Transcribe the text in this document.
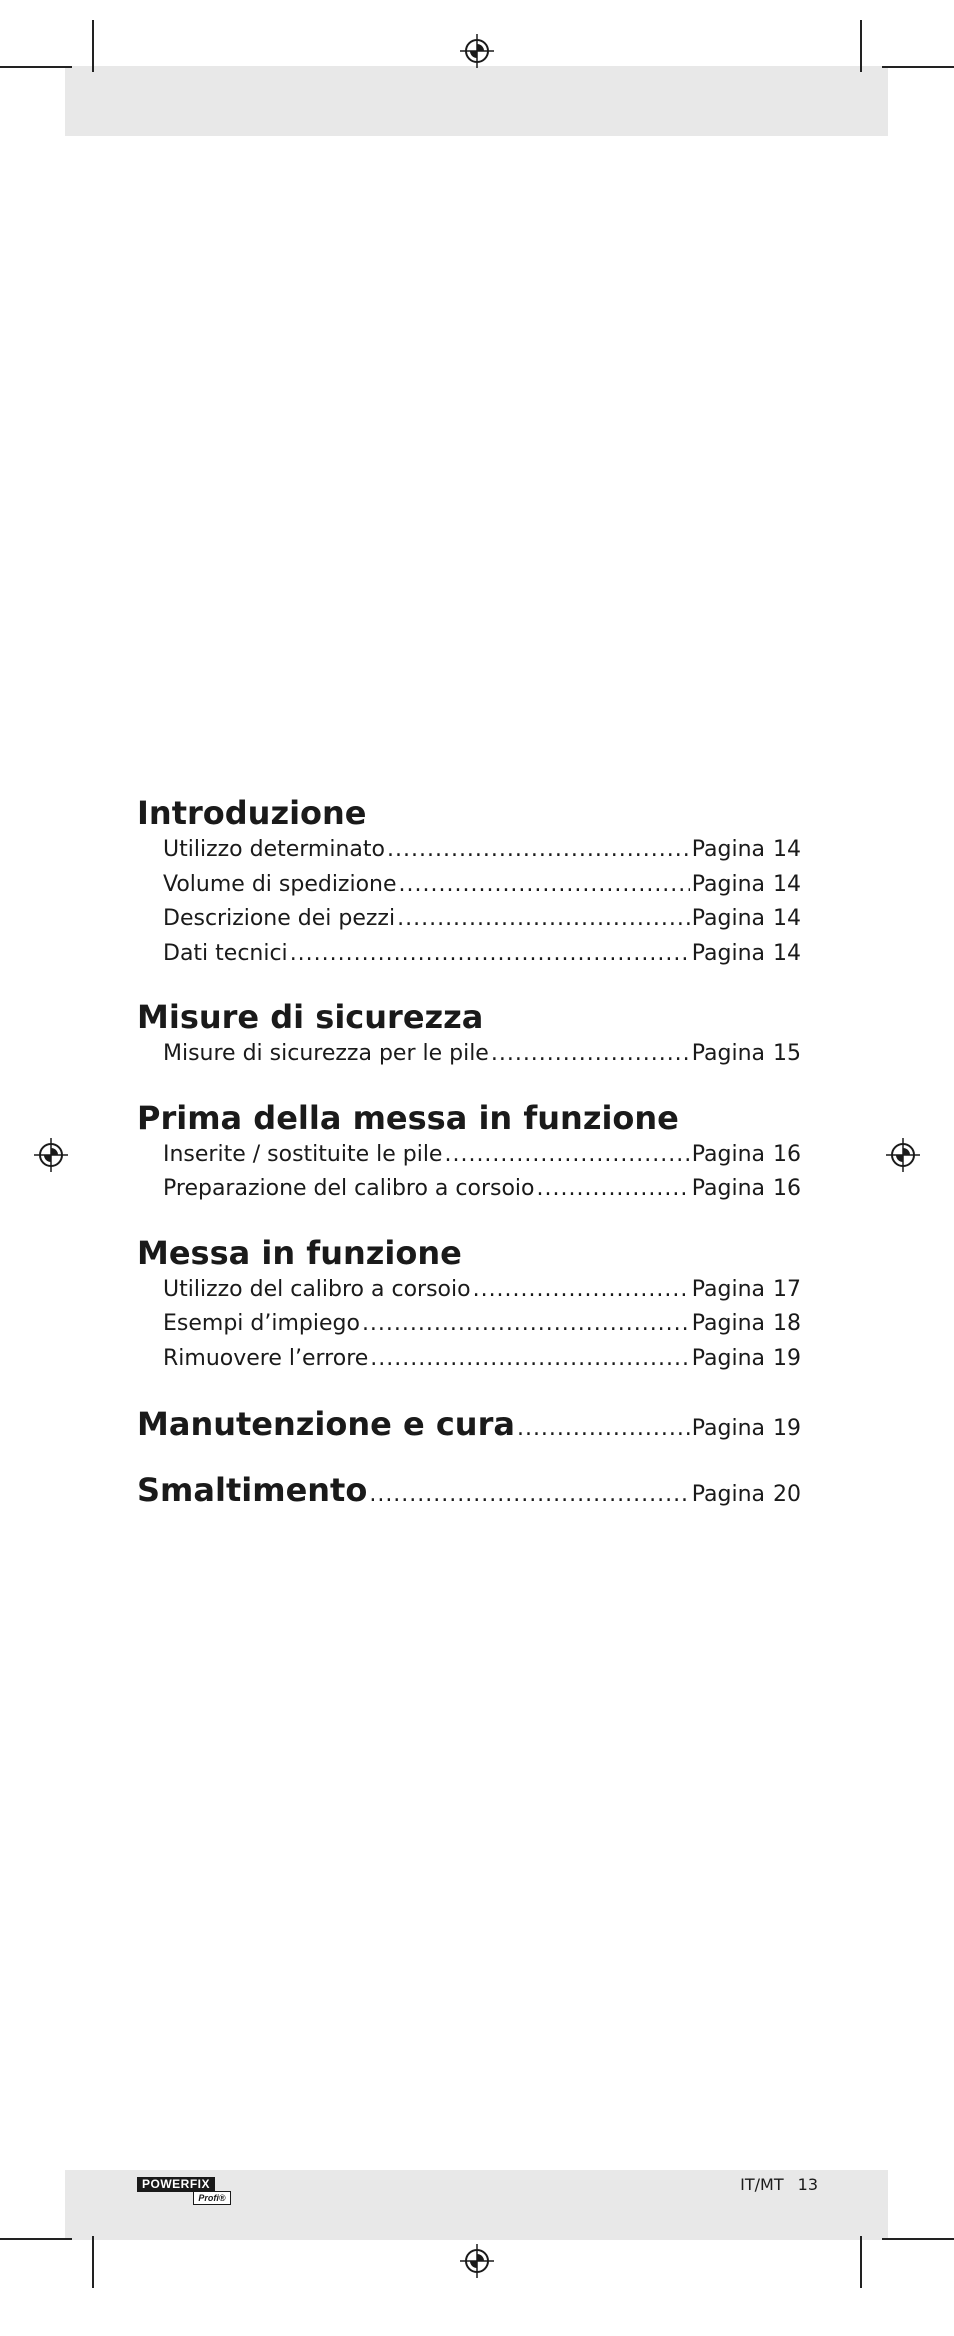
Introduzione
Utilizzo determinato .....	Pagina 14
Volume di spedizione .....	Pagina 14
Descrizione dei pezzi .....	Pagina 14
Dati tecnici .....	Pagina 14
Misure di sicurezza
Misure di sicurezza per le pile .....	Pagina 15
Prima della messa in funzione
Inserite / sostituite le pile .....	Pagina 16
Preparazione del calibro a corsoio .....	Pagina 16
Messa in funzione
Utilizzo del calibro a corsoio .....	Pagina 17
Esempi d’impiego .....	Pagina 18
Rimuovere l’errore .....	Pagina 19
Manutenzione e cura .....	Pagina 19
Smaltimento .....	Pagina 20
POWERFIX
Profi®
IT/MT 13
